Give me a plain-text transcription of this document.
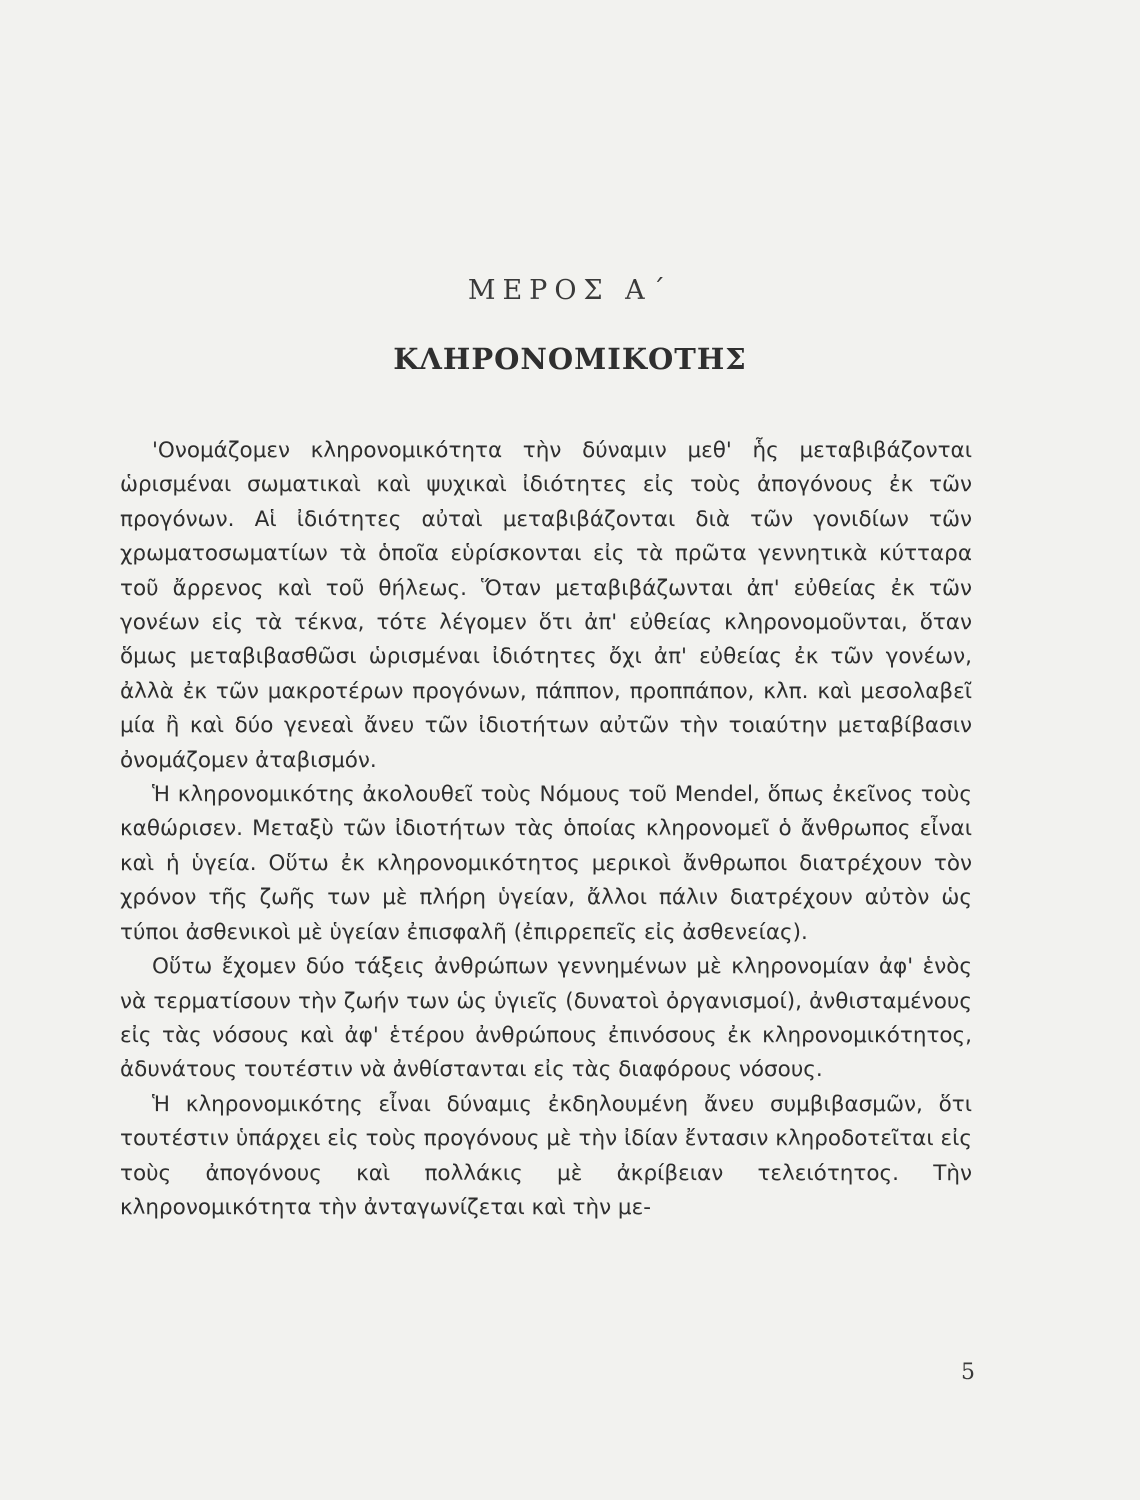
ΜΕΡΟΣ Α΄
ΚΛΗΡΟΝΟΜΙΚΟΤΗΣ

'Ονομάζομεν κληρονομικότητα τὴν δύναμιν μεθ' ἧς μεταβιβάζονται ὡρισμέναι σωματικαὶ καὶ ψυχικαὶ ἰδιότητες εἰς τοὺς ἀπογόνους ἐκ τῶν προγόνων. Αἱ ἰδιότητες αὐταὶ μεταβιβάζονται διὰ τῶν γονιδίων τῶν χρωματοσωματίων τὰ ὁποῖα εὑρίσκονται εἰς τὰ πρῶτα γεννητικὰ κύτταρα τοῦ ἄρρενος καὶ τοῦ θήλεως. Ὅταν μεταβιβάζωνται ἀπ' εὐθείας ἐκ τῶν γονέων εἰς τὰ τέκνα, τότε λέγομεν ὅτι ἀπ' εὐθείας κληρονομοῦνται, ὅταν ὅμως μεταβιβασθῶσι ὡρισμέναι ἰδιότητες ὄχι ἀπ' εὐθείας ἐκ τῶν γονέων, ἀλλὰ ἐκ τῶν μακροτέρων προγόνων, πάππον, προππάπον, κλπ. καὶ μεσολαβεῖ μία ἢ καὶ δύο γενεαὶ ἄνευ τῶν ἰδιοτήτων αὐτῶν τὴν τοιαύτην μεταβίβασιν ὀνομάζομεν ἀταβισμόν.

Ἡ κληρονομικότης ἀκολουθεῖ τοὺς Νόμους τοῦ Mendel, ὅπως ἐκεῖνος τοὺς καθώρισεν. Μεταξὺ τῶν ἰδιοτήτων τὰς ὁποίας κληρονομεῖ ὁ ἄνθρωπος εἶναι καὶ ἡ ὑγεία. Οὕτω ἐκ κληρονομικότητος μερικοὶ ἄνθρωποι διατρέχουν τὸν χρόνον τῆς ζωῆς των μὲ πλήρη ὑγείαν, ἄλλοι πάλιν διατρέχουν αὐτὸν ὡς τύποι ἀσθενικοὶ μὲ ὑγείαν ἐπισφαλῆ (ἐπιρρεπεῖς εἰς ἀσθενείας).

Οὕτω ἔχομεν δύο τάξεις ἀνθρώπων γεννημένων μὲ κληρονομίαν ἀφ' ἑνὸς νὰ τερματίσουν τὴν ζωήν των ὡς ὑγιεῖς (δυνατοὶ ὀργανισμοί), ἀνθισταμένους εἰς τὰς νόσους καὶ ἀφ' ἑτέρου ἀνθρώπους ἐπινόσους ἐκ κληρονομικότητος, ἀδυνάτους τουτέστιν νὰ ἀνθίστανται εἰς τὰς διαφόρους νόσους.

Ἡ κληρονομικότης εἶναι δύναμις ἐκδηλουμένη ἄνευ συμβιβασμῶν, ὅτι τουτέστιν ὑπάρχει εἰς τοὺς προγόνους μὲ τὴν ἰδίαν ἔντασιν κληροδοτεῖται εἰς τοὺς ἀπογόνους καὶ πολλάκις μὲ ἀκρίβειαν τελειότητος. Τὴν κληρονομικότητα τὴν ἀνταγωνίζεται καὶ τὴν με-

5
